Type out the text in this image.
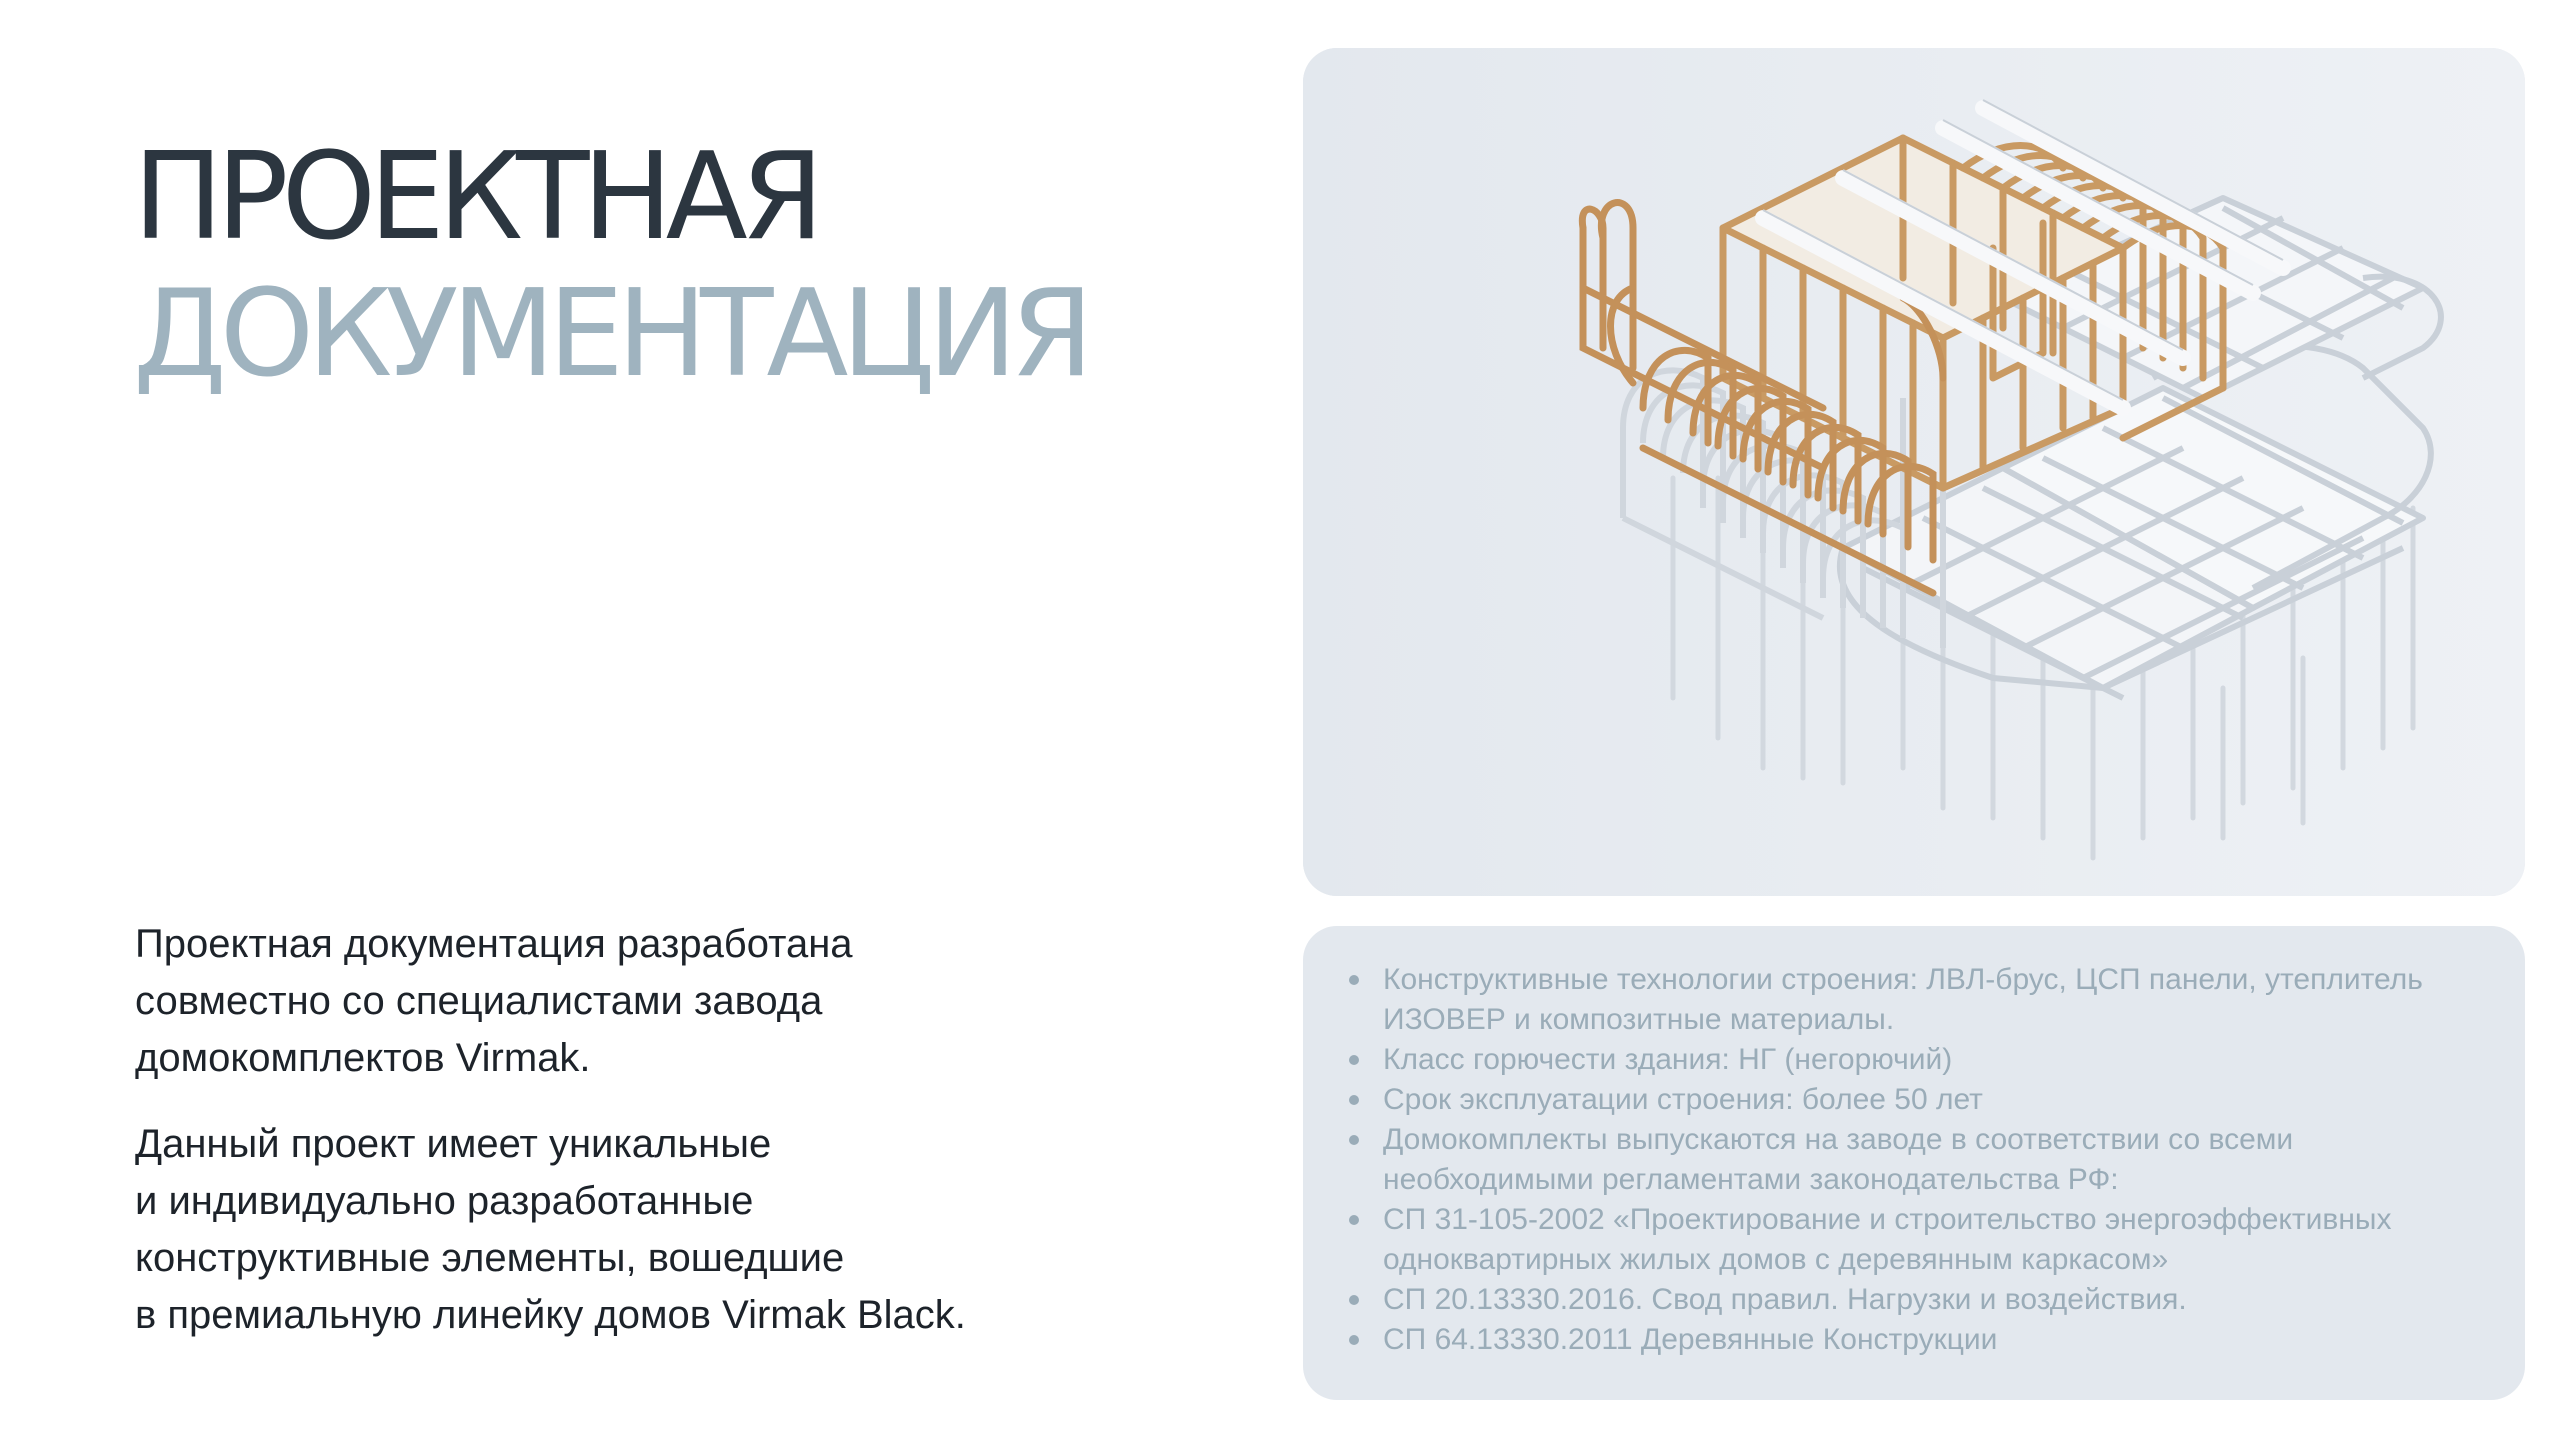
ПРОЕКТНАЯ
ДОКУМЕНТАЦИЯ

Проектная документация разработана
совместно со специалистами завода
домокомплектов Virmak.

Данный проект имеет уникальные
и индивидуально разработанные
конструктивные элементы, вошедшие
в премиальную линейку домов Virmak Black.

Конструктивные технологии строения: ЛВЛ-брус, ЦСП панели, утеплитель
ИЗОВЕР и композитные материалы.
Класс горючести здания: НГ (негорючий)
Срок эксплуатации строения: более 50 лет
Домокомплекты выпускаются на заводе в соответствии со всеми
необходимыми регламентами законодательства РФ:
СП 31-105-2002 «Проектирование и строительство энергоэффективных
одноквартирных жилых домов с деревянным каркасом»
СП 20.13330.2016. Свод правил. Нагрузки и воздействия.
СП 64.13330.2011 Деревянные Конструкции
